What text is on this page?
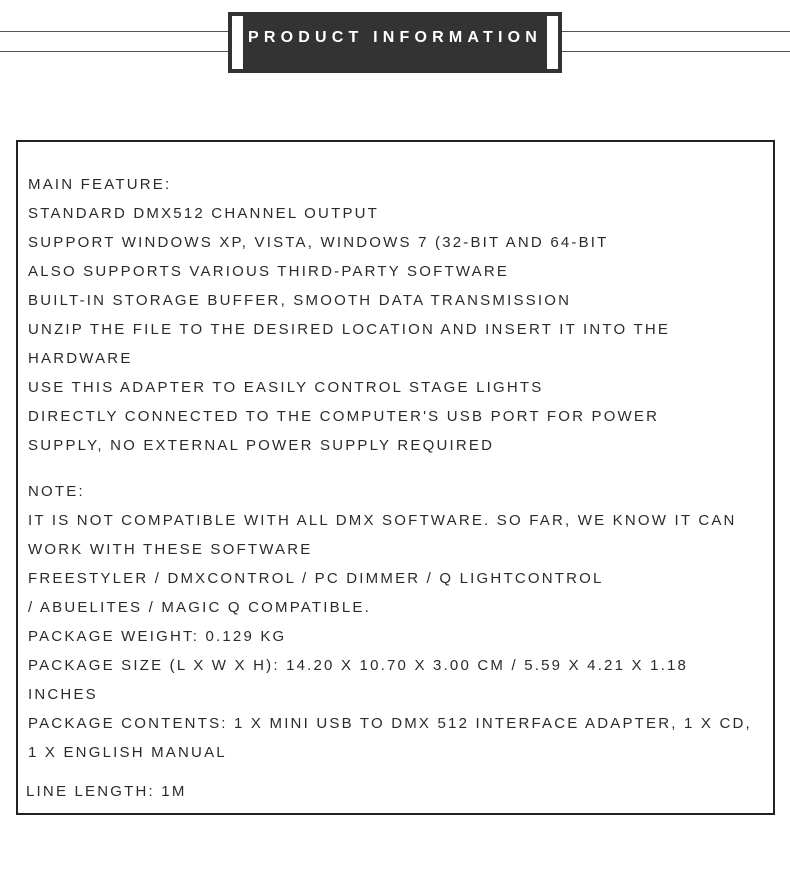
PRODUCT INFORMATION
MAIN FEATURE:
STANDARD DMX512 CHANNEL OUTPUT
SUPPORT WINDOWS XP, VISTA, WINDOWS 7 (32-BIT AND 64-BIT
ALSO SUPPORTS VARIOUS THIRD-PARTY SOFTWARE
BUILT-IN STORAGE BUFFER, SMOOTH DATA TRANSMISSION
UNZIP THE FILE TO THE DESIRED LOCATION AND INSERT IT INTO THE
HARDWARE
USE THIS ADAPTER TO EASILY CONTROL STAGE LIGHTS
DIRECTLY CONNECTED TO THE COMPUTER'S USB PORT FOR POWER
SUPPLY, NO EXTERNAL POWER SUPPLY REQUIRED
NOTE:
IT IS NOT COMPATIBLE WITH ALL DMX SOFTWARE. SO FAR, WE KNOW IT CAN
WORK WITH THESE SOFTWARE
FREESTYLER / DMXCONTROL / PC DIMMER / Q LIGHTCONTROL
/ ABUELITES / MAGIC Q COMPATIBLE.
PACKAGE WEIGHT: 0.129 KG
PACKAGE SIZE (L X W X H): 14.20 X 10.70 X 3.00 CM / 5.59 X 4.21 X 1.18
INCHES
PACKAGE CONTENTS: 1 X MINI USB TO DMX 512 INTERFACE ADAPTER, 1 X CD,
1 X ENGLISH MANUAL
LINE LENGTH: 1M
